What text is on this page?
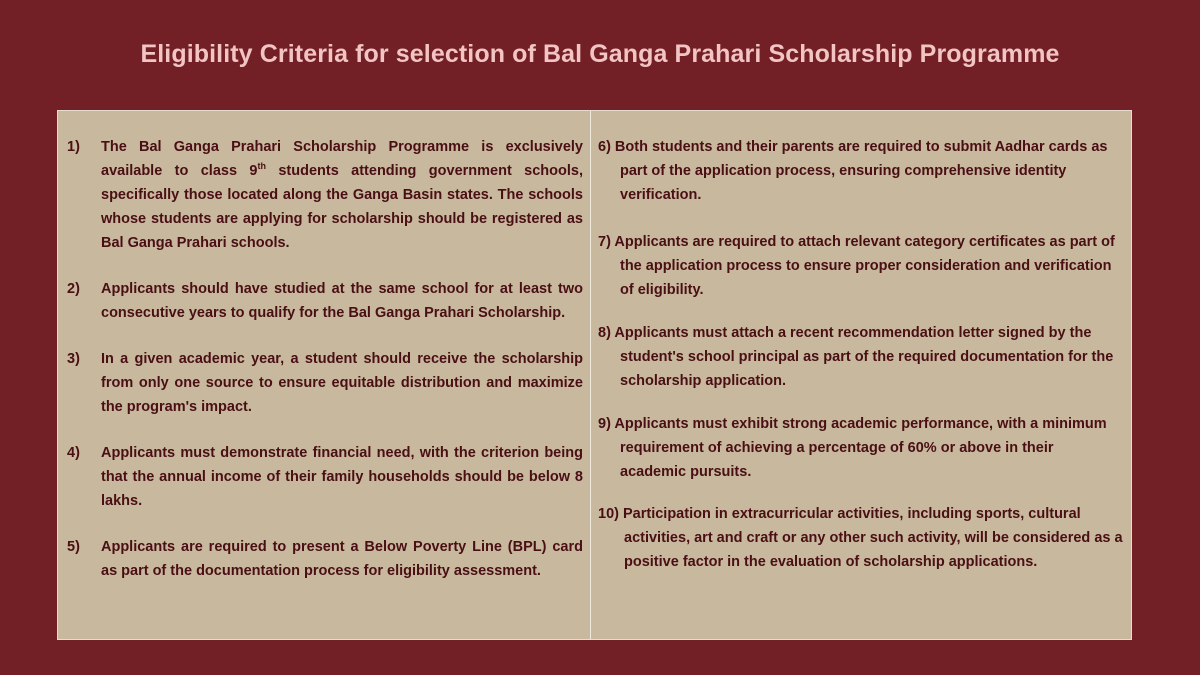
Eligibility Criteria for selection of Bal Ganga Prahari Scholarship Programme
1) The Bal Ganga Prahari Scholarship Programme is exclusively available to class 9th students attending government schools, specifically those located along the Ganga Basin states. The schools whose students are applying for scholarship should be registered as Bal Ganga Prahari schools.
2) Applicants should have studied at the same school for at least two consecutive years to qualify for the Bal Ganga Prahari Scholarship.
3) In a given academic year, a student should receive the scholarship from only one source to ensure equitable distribution and maximize the program's impact.
4) Applicants must demonstrate financial need, with the criterion being that the annual income of their family households should be below 8 lakhs.
5) Applicants are required to present a Below Poverty Line (BPL) card as part of the documentation process for eligibility assessment.
6) Both students and their parents are required to submit Aadhar cards as part of the application process, ensuring comprehensive identity verification.
7) Applicants are required to attach relevant category certificates as part of the application process to ensure proper consideration and verification of eligibility.
8) Applicants must attach a recent recommendation letter signed by the student's school principal as part of the required documentation for the scholarship application.
9) Applicants must exhibit strong academic performance, with a minimum requirement of achieving a percentage of 60% or above in their academic pursuits.
10) Participation in extracurricular activities, including sports, cultural activities, art and craft or any other such activity, will be considered as a positive factor in the evaluation of scholarship applications.
